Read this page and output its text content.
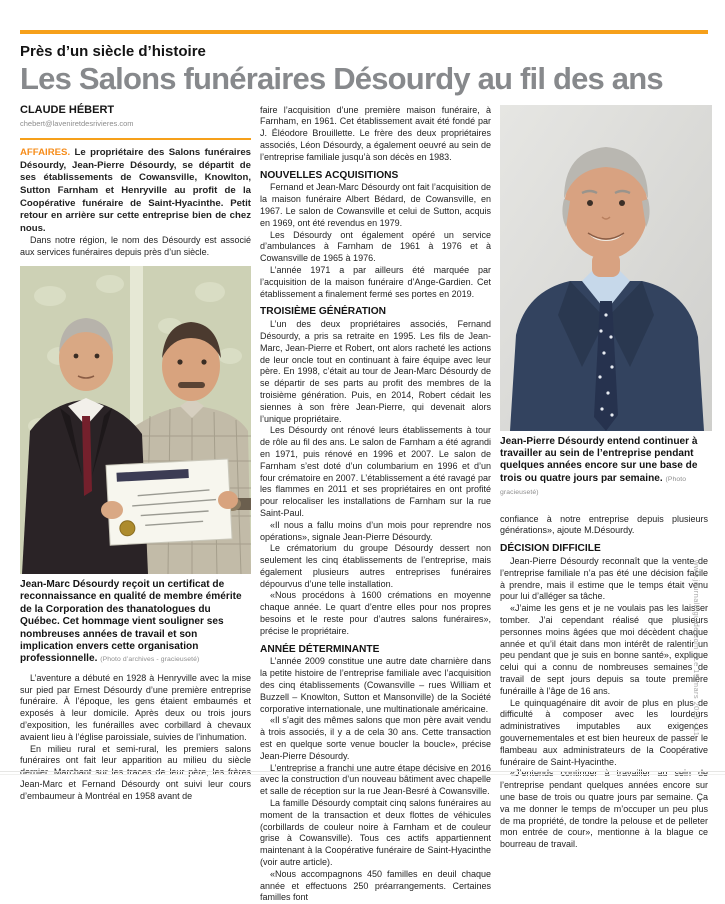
Près d’un siècle d’histoire
Les Salons funéraires Désourdy au fil des ans
CLAUDE HÉBERT
chebert@laveniretdesrivieres.com

AFFAIRES. Le propriétaire des Salons funéraires Désourdy, Jean-Pierre Désourdy, se départit de ses établissements de Cowansville, Knowlton, Sutton Farnham et Henryville au profit de la Coopérative funéraire de Saint-Hyacinthe. Petit retour en arrière sur cette entreprise bien de chez nous.

Dans notre région, le nom des Désourdy est associé aux services funéraires depuis près d’un siècle.

Jean-Marc Désourdy reçoit un certificat de reconnaissance en qualité de membre émérite de la Corporation des thanatologues du Québec. Cet hommage vient souligner ses nombreuses années de travail et son implication envers cette organisation professionnelle. (Photo d’archives - gracieuseté)

L’aventure a débuté en 1928 à Henryville avec la mise sur pied par Ernest Désourdy d’une première entreprise funéraire. À l’époque, les gens étaient embaumés et exposés à leur domicile. Après deux ou trois jours d’exposition, les funérailles avec corbillard à chevaux avaient lieu à l’église paroissiale, suivies de l’inhumation.

En milieu rural et semi-rural, les premiers salons funéraires ont fait leur apparition au milieu du siècle dernier. Marchant sur les traces de leur père, les frères Jean-Marc et Fernand Désourdy ont suivi leur cours d’embaumeur à Montréal en 1958 avant de

faire l’acquisition d’une première maison funéraire, à Farnham, en 1961. Cet établissement avait été fondé par J. Éléodore Brouillette. Le frère des deux propriétaires associés, Léon Désourdy, a également oeuvré au sein de l’entreprise familiale jusqu’à son décès en 1983.

NOUVELLES ACQUISITIONS

Fernand et Jean-Marc Désourdy ont fait l’acquisition de la maison funéraire Albert Bédard, de Cowansville, en 1967. Le salon de Cowansville et celui de Sutton, acquis en 1969, ont été revendus en 1979.

Les Désourdy ont également opéré un service d’ambulances à Farnham de 1961 à 1976 et à Cowansville de 1965 à 1976.

L’année 1971 a par ailleurs été marquée par l’acquisition de la maison funéraire d’Ange-Gardien. Cet établissement a finalement fermé ses portes en 2019.

TROISIÈME GÉNÉRATION

L’un des deux propriétaires associés, Fernand Désourdy, a pris sa retraite en 1995. Les fils de Jean-Marc, Jean-Pierre et Robert, ont alors racheté les actions de leur oncle tout en continuant à faire équipe avec leur père. En 1998, c’était au tour de Jean-Marc Désourdy de se départir de ses parts au profit des membres de la troisième génération. Puis, en 2014, Robert cédait les siennes à son frère Jean-Pierre, qui devenait alors l’unique propriétaire.

Les Désourdy ont rénové leurs établissements à tour de rôle au fil des ans. Le salon de Farnham a été agrandi en 1971, puis rénové en 1996 et 2007. Le salon de Farnham s’est doté d’un columbarium en 1996 et d’un four crématoire en 2007. L’établissement a été ravagé par les flammes en 2011 et ses propriétaires en ont profité pour relocaliser les installations de Farnham sur la rue Saint-Paul.

«Il nous a fallu moins d’un mois pour reprendre nos opérations», signale Jean-Pierre Désourdy.

Le crématorium du groupe Désourdy dessert non seulement les cinq établissements de l’entreprise, mais également plusieurs autres entreprises funéraires dépourvus d’une telle installation.

«Nous procédons à 1600 crémations en moyenne chaque année. Le quart d’entre elles pour nos propres besoins et le reste pour d’autres salons funéraires», précise le propriétaire.

ANNÉE DÉTERMINANTE

L’année 2009 constitue une autre date charnière dans la petite histoire de l’entreprise familiale avec l’acquisition des cinq établissements (Cowansville – rues William et Buzzell – Knowlton, Sutton et Mansonville) de la Société corporative internationale, une multinationale américaine.

«Il s’agit des mêmes salons que mon père avait vendu à trois associés, il y a de cela 30 ans. Cette transaction est en quelque sorte venue boucler la boucle», précise Jean-Pierre Désourdy.

L’entreprise a franchi une autre étape décisive en 2016 avec la construction d’un nouveau bâtiment avec chapelle et salle de réception sur la rue Jean-Besré à Cowansville.

La famille Désourdy comptait cinq salons funéraires au moment de la transaction et deux flottes de véhicules (corbillards de couleur noire à Farnham et de couleur grise à Cowansville). Tous ces actifs appartiennent maintenant à la Coopérative funéraire de Saint-Hyacinthe (voir autre article).

«Nous accompagnons 450 familles en deuil chaque année et effectuons 250 préarrangements. Certaines familles font

Jean-Pierre Désourdy entend continuer à travailler au sein de l’entreprise pendant quelques années encore sur une base de trois ou quatre jours par semaine. (Photo gracieuseté)

confiance à notre entreprise depuis plusieurs générations», ajoute M.Désourdy.

DÉCISION DIFFICILE

Jean-Pierre Désourdy reconnaît que la vente de l’entreprise familiale n’a pas été une décision facile à prendre, mais il estime que le temps était venu pour lui d’alléger sa tâche.

«J’aime les gens et je ne voulais pas les laisser tomber. J’ai cependant réalisé que plusieurs personnes moins âgées que moi décèdent chaque année et qu’il était dans mon intérêt de ralentir un peu pendant que je suis en bonne santé», explique celui qui a connu de nombreuses semaines de travail de sept jours depuis sa toute première funéraille à l’âge de 16 ans.

Le quinquagénaire dit avoir de plus en plus de difficulté à composer avec les lourdeurs administratives imputables aux exigences gouvernementales et est bien heureux de passer le flambeau aux administrateurs de la Coopérative funéraire de Saint-Hyacinthe.

«J’entends continuer à travailler au sein de l’entreprise pendant quelques années encore sur une base de trois ou quatre jours par semaine. Ça va me donner le temps de m’occuper un peu plus de ma propriété, de tondre la pelouse et de pelleter mon entrée de cour», mentionne à la blague ce bourreau de travail.

www.journalleguide.com - Le 19 mars 2025 - 11
